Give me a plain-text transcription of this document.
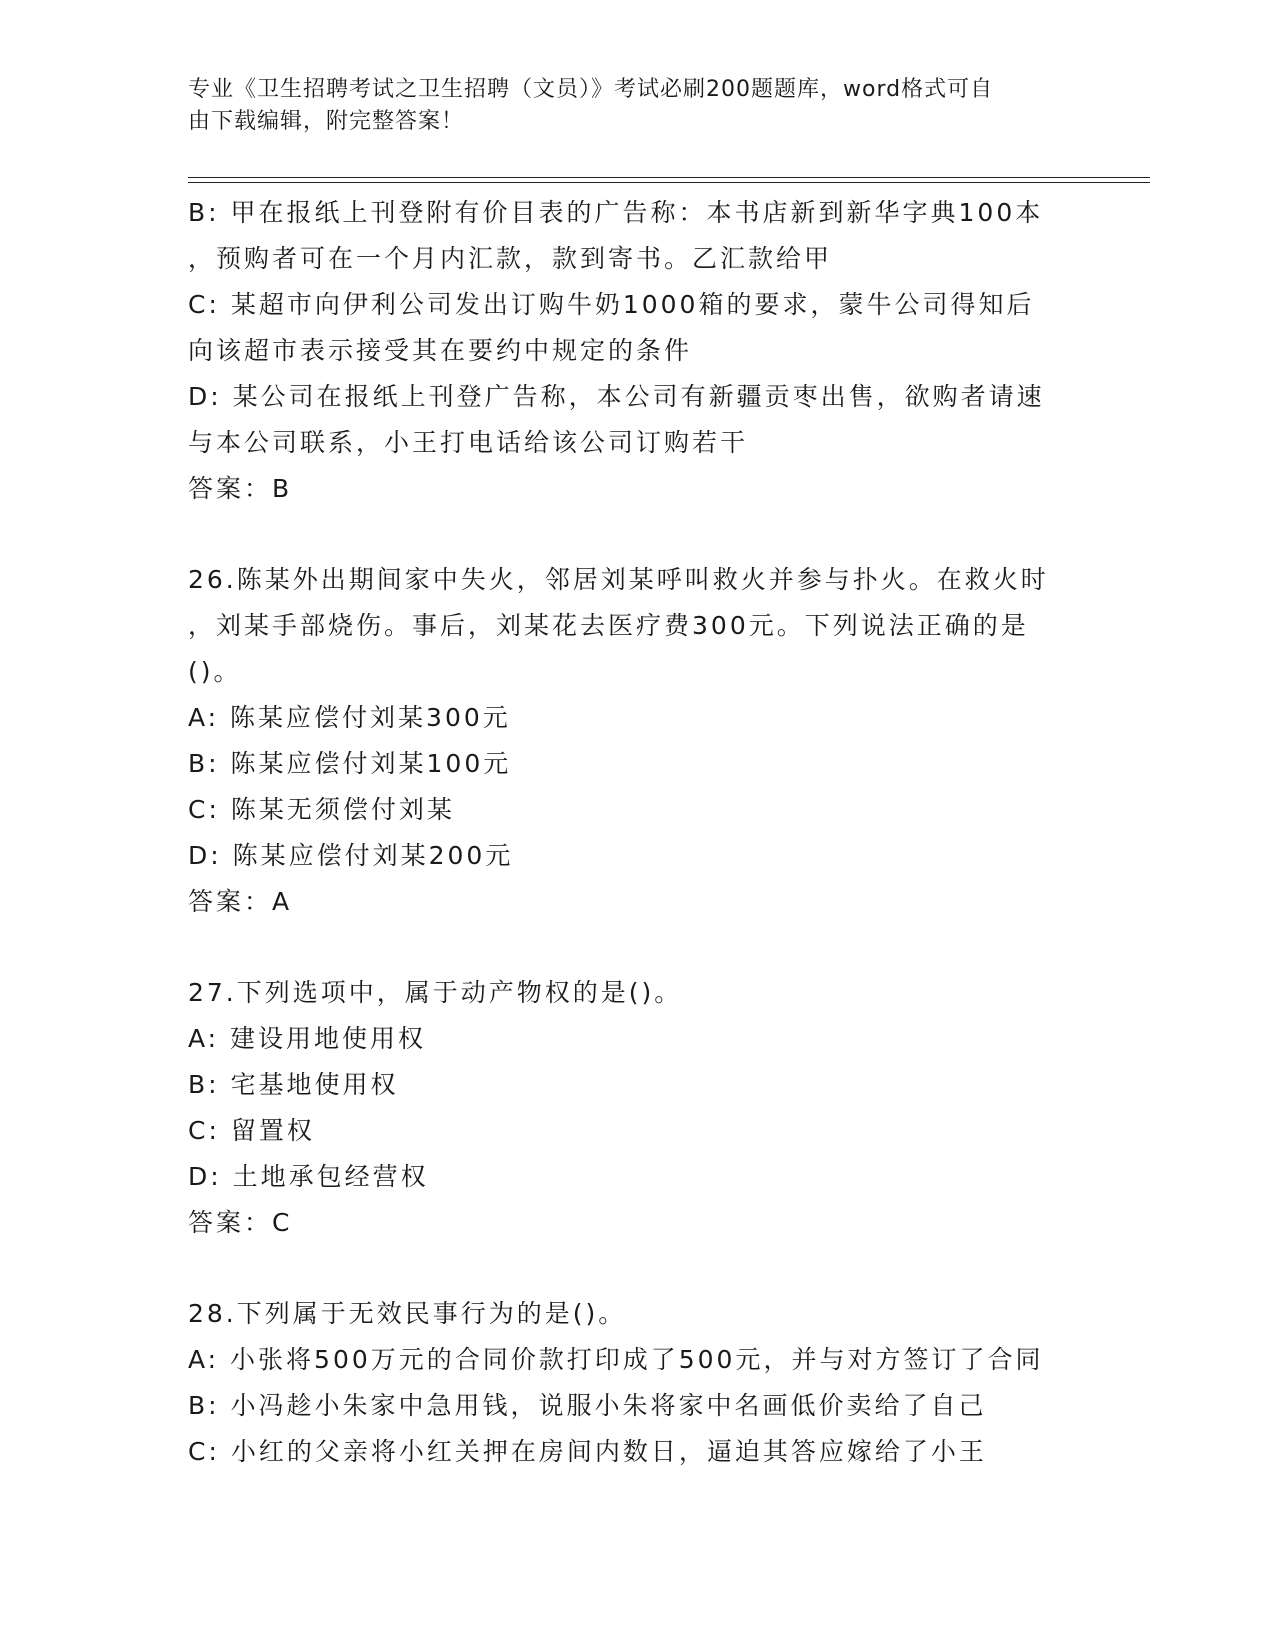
专业《卫生招聘考试之卫生招聘（文员）》考试必刷200题题库，word格式可自
由下载编辑，附完整答案！
B: 甲在报纸上刊登附有价目表的广告称：本书店新到新华字典100本
，预购者可在一个月内汇款，款到寄书。乙汇款给甲
C: 某超市向伊利公司发出订购牛奶1000箱的要求，蒙牛公司得知后
向该超市表示接受其在要约中规定的条件
D: 某公司在报纸上刊登广告称，本公司有新疆贡枣出售，欲购者请速
与本公司联系，小王打电话给该公司订购若干
答案：B
26.陈某外出期间家中失火，邻居刘某呼叫救火并参与扑火。在救火时
，刘某手部烧伤。事后，刘某花去医疗费300元。下列说法正确的是
()。
A: 陈某应偿付刘某300元
B: 陈某应偿付刘某100元
C: 陈某无须偿付刘某
D: 陈某应偿付刘某200元
答案：A
27.下列选项中，属于动产物权的是()。
A: 建设用地使用权
B: 宅基地使用权
C: 留置权
D: 土地承包经营权
答案：C
28.下列属于无效民事行为的是()。
A: 小张将500万元的合同价款打印成了500元，并与对方签订了合同
B: 小冯趁小朱家中急用钱，说服小朱将家中名画低价卖给了自己
C: 小红的父亲将小红关押在房间内数日，逼迫其答应嫁给了小王
